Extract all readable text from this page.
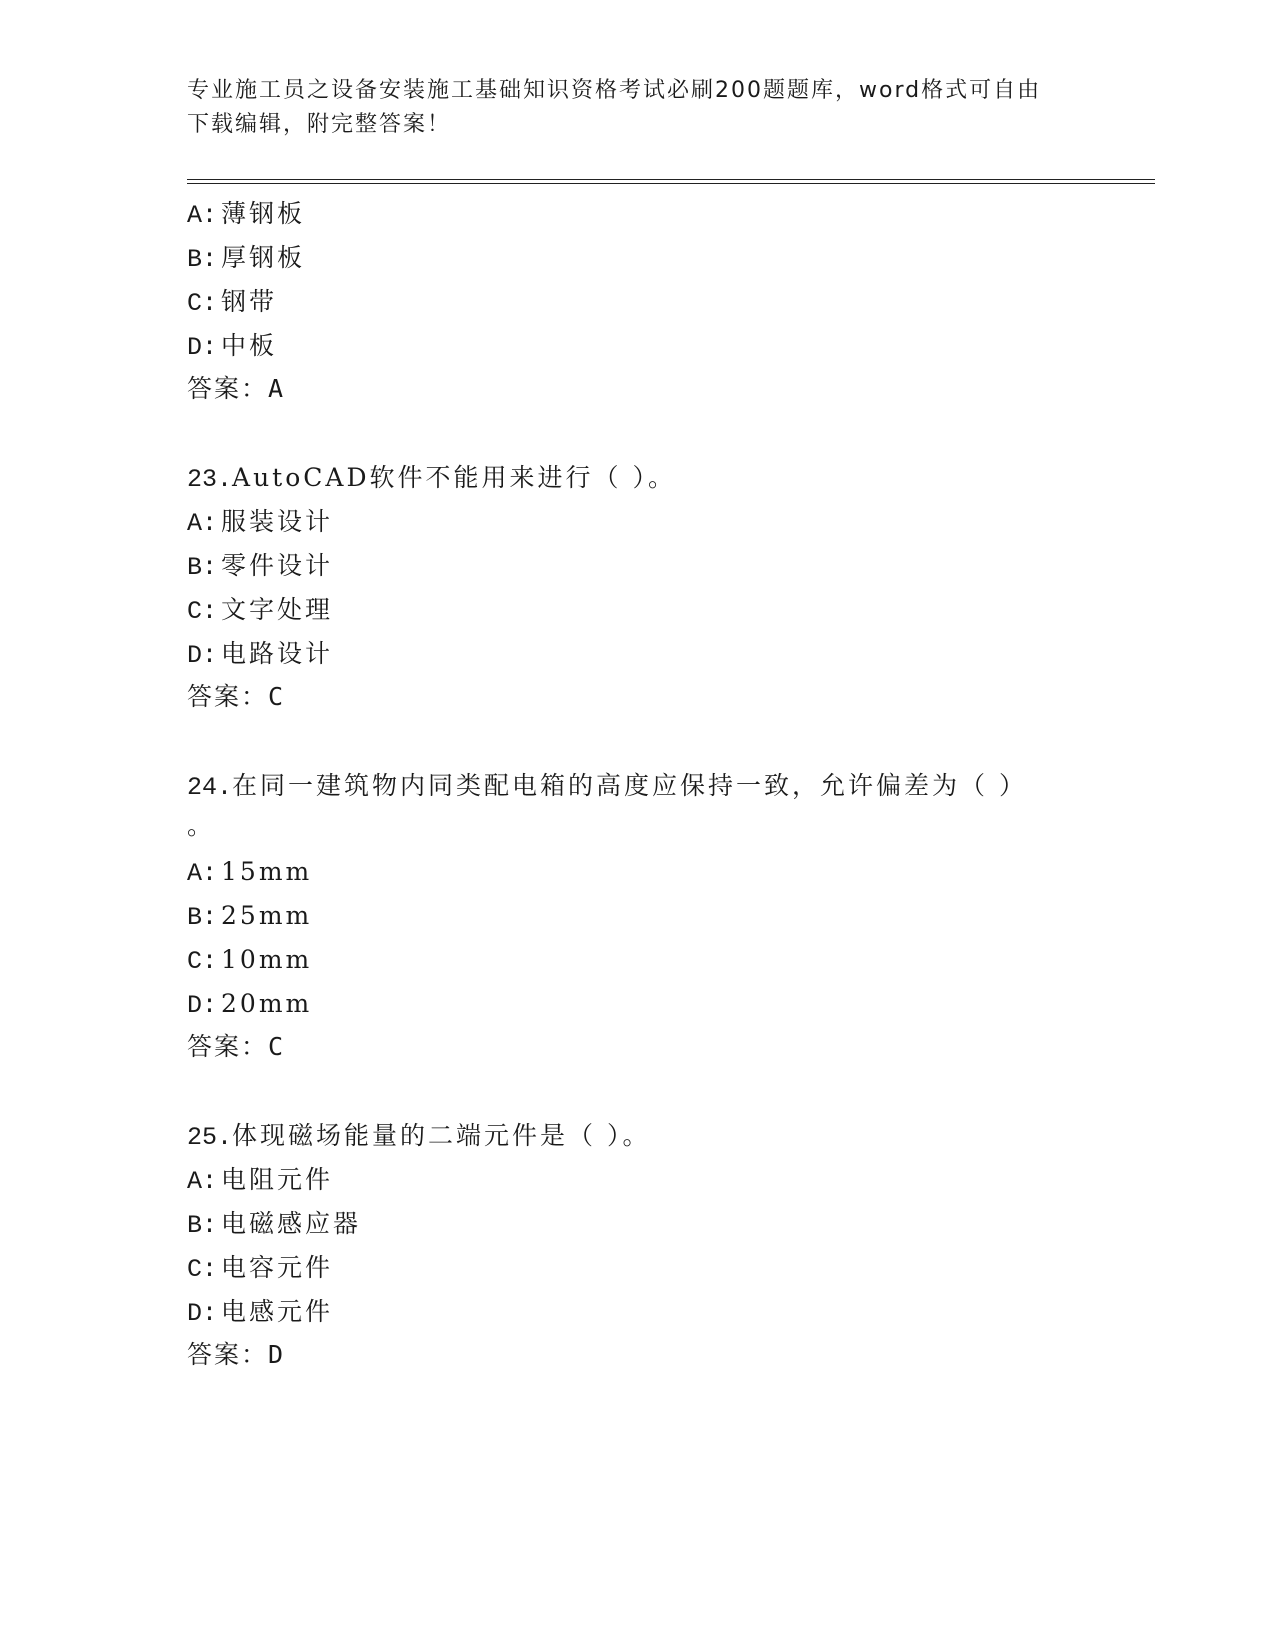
专业施工员之设备安装施工基础知识资格考试必刷200题题库，word格式可自由
下载编辑，附完整答案！
A: 薄钢板
B: 厚钢板
C: 钢带
D: 中板
答案：A
23.AutoCAD软件不能用来进行（ ）。
A: 服装设计
B: 零件设计
C: 文字处理
D: 电路设计
答案：C
24.在同一建筑物内同类配电箱的高度应保持一致，允许偏差为（ ）
。
A: 15mm
B: 25mm
C: 10mm
D: 20mm
答案：C
25.体现磁场能量的二端元件是（ ）。
A: 电阻元件
B: 电磁感应器
C: 电容元件
D: 电感元件
答案：D
